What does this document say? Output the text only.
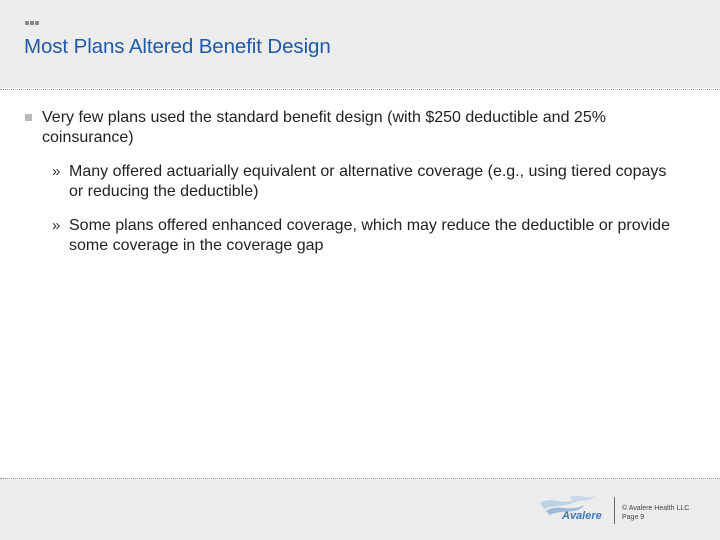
Most Plans Altered Benefit Design
Very few plans used the standard benefit design (with $250 deductible and 25% coinsurance)
» Many offered actuarially equivalent or alternative coverage (e.g., using tiered copays or reducing the deductible)
» Some plans offered enhanced coverage, which may reduce the deductible or provide some coverage in the coverage gap
Avalere
© Avalere Health LLC
Page 9
